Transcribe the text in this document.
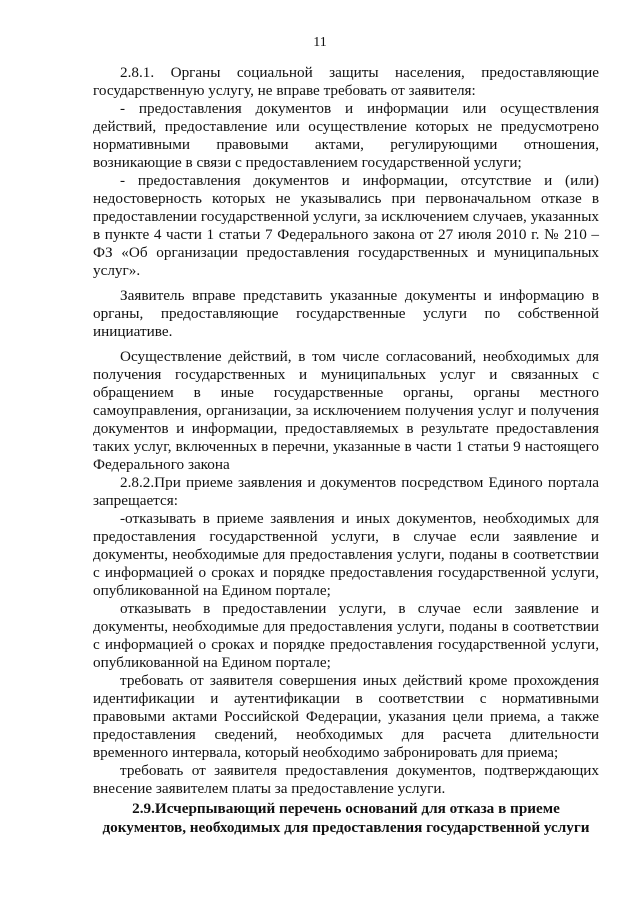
11

2.8.1. Органы социальной защиты населения, предоставляющие государственную услугу, не вправе требовать от заявителя:

- предоставления документов и информации или осуществления действий, предоставление или осуществление которых не предусмотрено нормативными правовыми актами, регулирующими отношения, возникающие в связи с предоставлением государственной услуги;

- предоставления документов и информации, отсутствие и (или) недостоверность которых не указывались при первоначальном отказе в предоставлении государственной услуги, за исключением случаев, указанных в пункте 4 части 1 статьи 7 Федерального закона от 27 июля 2010 г. № 210 – ФЗ «Об организации предоставления государственных и муниципальных услуг».

Заявитель вправе представить указанные документы и информацию в органы, предоставляющие государственные услуги по собственной инициативе.

Осуществление действий, в том числе согласований, необходимых для получения государственных и муниципальных услуг и связанных с обращением в иные государственные органы, органы местного самоуправления, организации, за исключением получения услуг и получения документов и информации, предоставляемых в результате предоставления таких услуг, включенных в перечни, указанные в части 1 статьи 9 настоящего Федерального закона

2.8.2.При приеме заявления и документов посредством Единого портала запрещается:

-отказывать в приеме заявления и иных документов, необходимых для предоставления государственной услуги, в случае если заявление и документы, необходимые для предоставления услуги, поданы в соответствии с информацией о сроках и порядке предоставления государственной услуги, опубликованной на Едином портале;

отказывать в предоставлении услуги, в случае если заявление и документы, необходимые для предоставления услуги, поданы в соответствии с информацией о сроках и порядке предоставления государственной услуги, опубликованной на Едином портале;

требовать от заявителя совершения иных действий кроме прохождения идентификации и аутентификации в соответствии с нормативными правовыми актами Российской Федерации, указания цели приема, а также предоставления сведений, необходимых для расчета длительности временного интервала, который необходимо забронировать для приема;

требовать от заявителя предоставления документов, подтверждающих внесение заявителем платы за предоставление услуги.

2.9.Исчерпывающий перечень оснований для отказа в приеме документов, необходимых для предоставления государственной услуги
